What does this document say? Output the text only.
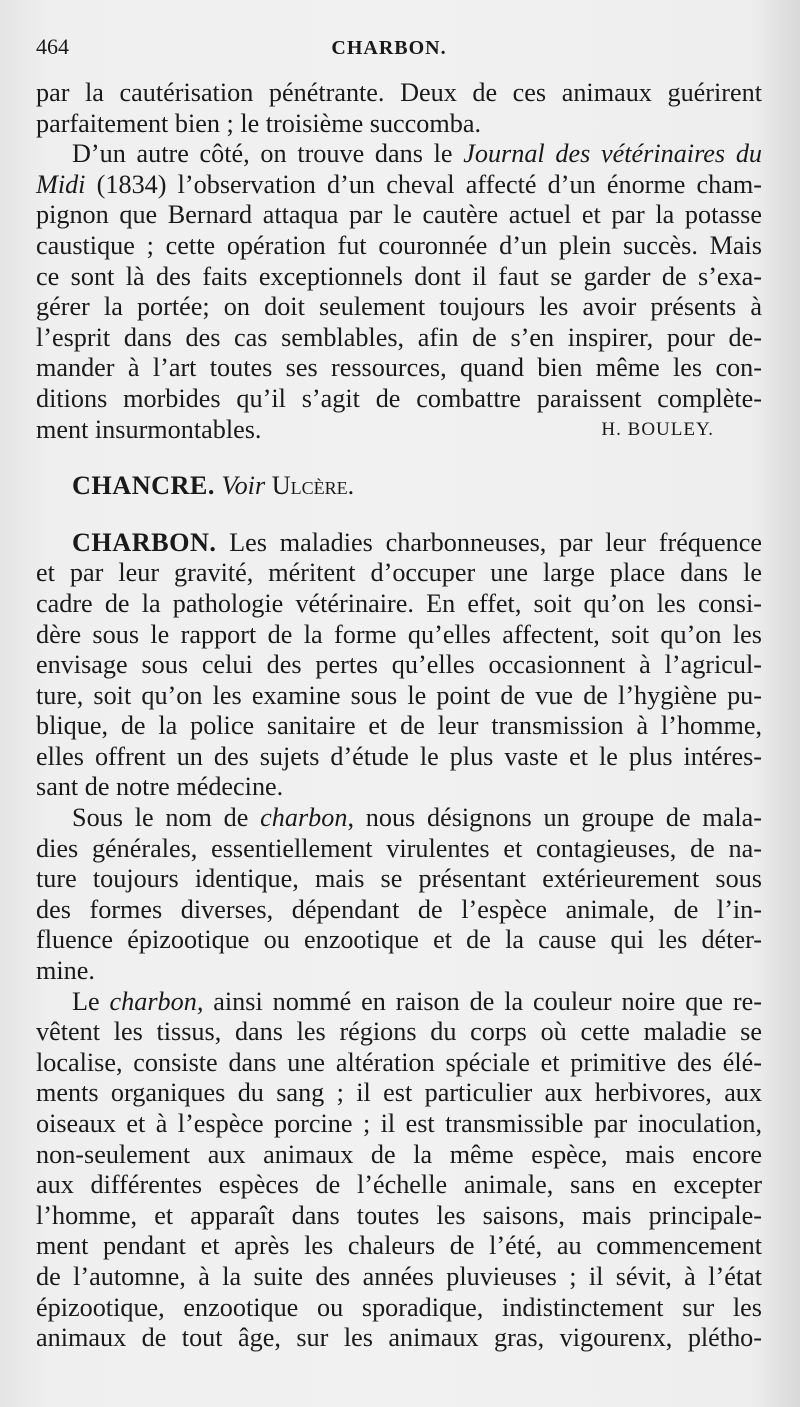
464	CHARBON.
par la cautérisation pénétrante. Deux de ces animaux guérirent
parfaitement bien ; le troisième succomba.
D’un autre côté, on trouve dans le Journal des vétérinaires du
Midi (1834) l’observation d’un cheval affecté d’un énorme cham-
pignon que Bernard attaqua par le cautère actuel et par la potasse
caustique ; cette opération fut couronnée d’un plein succès. Mais
ce sont là des faits exceptionnels dont il faut se garder de s’exa-
gérer la portée; on doit seulement toujours les avoir présents à
l’esprit dans des cas semblables, afin de s’en inspirer, pour de-
mander à l’art toutes ses ressources, quand bien même les con-
ditions morbides qu’il s’agit de combattre paraissent complète-
ment insurmontables.	H. BOULEY.
CHANCRE. Voir Ulcère.
CHARBON. Les maladies charbonneuses, par leur fréquence
et par leur gravité, méritent d’occuper une large place dans le
cadre de la pathologie vétérinaire. En effet, soit qu’on les consi-
dère sous le rapport de la forme qu’elles affectent, soit qu’on les
envisage sous celui des pertes qu’elles occasionnent à l’agricul-
ture, soit qu’on les examine sous le point de vue de l’hygiène pu-
blique, de la police sanitaire et de leur transmission à l’homme,
elles offrent un des sujets d’étude le plus vaste et le plus intéres-
sant de notre médecine.
Sous le nom de charbon, nous désignons un groupe de mala-
dies générales, essentiellement virulentes et contagieuses, de na-
ture toujours identique, mais se présentant extérieurement sous
des formes diverses, dépendant de l’espèce animale, de l’in-
fluence épizootique ou enzootique et de la cause qui les déter-
mine.
Le charbon, ainsi nommé en raison de la couleur noire que re-
vêtent les tissus, dans les régions du corps où cette maladie se
localise, consiste dans une altération spéciale et primitive des élé-
ments organiques du sang ; il est particulier aux herbivores, aux
oiseaux et à l’espèce porcine ; il est transmissible par inoculation,
non-seulement aux animaux de la même espèce, mais encore
aux différentes espèces de l’échelle animale, sans en excepter
l’homme, et apparaît dans toutes les saisons, mais principale-
ment pendant et après les chaleurs de l’été, au commencement
de l’automne, à la suite des années pluvieuses ; il sévit, à l’état
épizootique, enzootique ou sporadique, indistinctement sur les
animaux de tout âge, sur les animaux gras, vigourenx, plétho-
